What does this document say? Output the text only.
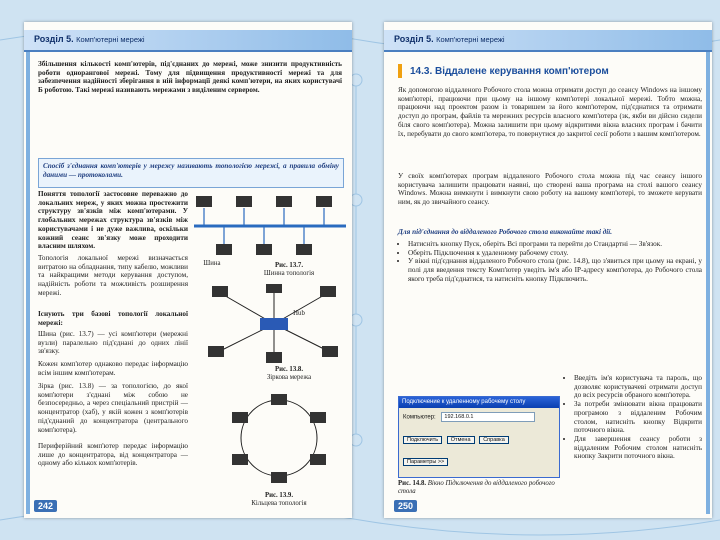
Розділ 5. Комп'ютерні мережі
Збільшення кількості комп'ютерів, під'єднаних до мережі, може знизити продуктивність роботи однорангової мережі. Тому для підвищення продуктивності мережі та для забезпечення надійності зберігання в ній інформації деякі комп'ютери, на яких користувачі Б роботою. Такі мережі називають мережами з виділеним сервером.
Спосіб з'єднання комп'ютерів у мережу називають топологією мережі, а правила обміну даними — протоколами.
Поняття топології застосовне переважно до локальних мереж, у яких можна простежити структуру зв'язків між комп'ютерами. У глобальних мережах структура зв'язків між користувачами і не дуже важлива, оскільки кожний сеанс зв'язку може проходити власним шляхом.
Топологія локальної мережі визначається витратою на обладнання, типу кабелю, можливи та найкращими методи керування доступом, надійність роботи та можливість розширення мережі.
Існують три базові топології локальної мережі:
Шина (рис. 13.7) — усі комп'ютери (мережні вузли) паралельно під'єднані до одних лінії зв'язку.
Кожен комп'ютер однаково передає інформацію всім іншим комп'ютерам.
Зірка (рис. 13.8) — за топологією, до якої комп'ютери з'єднані між собою не безпосередньо, а через спеціальний пристрій — концентратор (хаб), у якій кожен з комп'ютерів під'єднаний до концентратора (центрального комп'ютера).
Периферійний комп'ютер передає інформацію лише до концентратора, від концентратора — одному або кількох комп'ютерів.
Шина	Рис. 13.7.
Шинна топологія
Hub
Рис. 13.8.
Зіркова мережа
Рис. 13.9.
Кільцева топологія
242
Розділ 5. Комп'ютерні мережі
14.3. Віддалене керування комп'ютером
Як допомогою віддаленого Робочого стола можна отримати доступ до сеансу Windows на іншому комп'ютері, працюючи при цьому на іншому комп'ютері локальної мережі. Тобто можна, працюючи над проектом разом із товаришем за його комп'ютером, під'єднатися та отримати доступ до програм, файлів та мережних ресурсів власного комп'ютера (зк, якби ви дійсно сидели біля свого комп'ютера). Можна залишити при цьому відкритими вікна власних програм і бачити їх, перебувати до свого комп'ютера, то повернутися до закритої сесії роботи з вашим комп'ютером.
У своїх комп'ютерах програм віддаленого Робочого стола можна під час сеансу іншого користувача залишити працювати наявні, що створені ваша програма на столі вашого сеансу Windows. Можна вимкнути і вимкнути свою роботу на вашому комп'ютері, то зможете керувати ним, як до звичайного сеансу.
Для під'єднання до віддаленого Робочого стола виконайте такі дії.
• Натисніть кнопку Пуск, оберіть Всі програми та перейти до Стандартні — Зв'язок.
• Оберіть Підключення к удаленному рабочему столу.
• У вікні під'єднання віддаленого Робочого стола (рис. 14.8), що з'явиться при цьому на екрані, у полі для введення тексту Комп'ютер уведіть ім'я або IP-адресу комп'ютера, до Робочого стола якого треба під'єднатися, та натисніть кнопку Підключить.
Подключение к удаленному рабочему столу
Компьютер: 192.168.0.1
Подключить Отмена Справка Параметры >>
Рис. 14.8. Вікно Підключення до віддаленого робочого стола
• Введіть ім'я користувача та пароль, що дозволяє користувачеві отримати доступ до всіх ресурсів обраного комп'ютера.
• За потреби змінювати вікна працювати програмою з віддаленим Робочим столом, натисніть кнопку Відкрити поточного вікна.
• Для завершення сеансу роботи з віддаленим Робочим столом натисніть кнопку Закрити поточного вікна.
250
